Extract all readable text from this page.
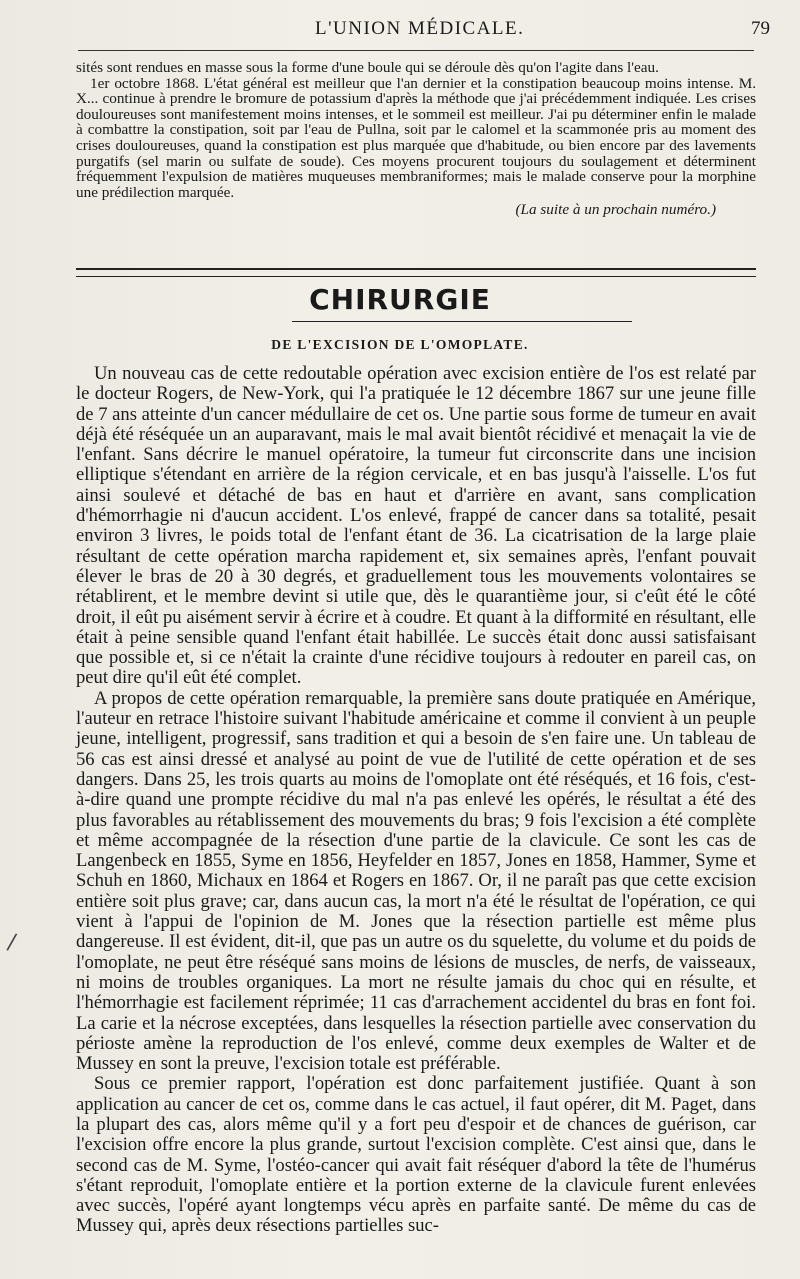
L'UNION MÉDICALE.	79

sités sont rendues en masse sous la forme d'une boule qui se déroule dès qu'on l'agite dans l'eau.

1er octobre 1868. L'état général est meilleur que l'an dernier et la constipation beaucoup moins intense. M. X... continue à prendre le bromure de potassium d'après la méthode que j'ai précédemment indiquée. Les crises douloureuses sont manifestement moins intenses, et le sommeil est meilleur. J'ai pu déterminer enfin le malade à combattre la constipation, soit par l'eau de Pullna, soit par le calomel et la scammonée pris au moment des crises douloureuses, quand la constipation est plus marquée que d'habitude, ou bien encore par des lavements purgatifs (sel marin ou sulfate de soude). Ces moyens procurent toujours du soulagement et déterminent fréquemment l'expulsion de matières muqueuses membraniformes; mais le malade conserve pour la morphine une prédilection marquée.

(La suite à un prochain numéro.)
CHIRURGIE
DE L'EXCISION DE L'OMOPLATE.

Un nouveau cas de cette redoutable opération avec excision entière de l'os est relaté par le docteur Rogers, de New-York, qui l'a pratiquée le 12 décembre 1867 sur une jeune fille de 7 ans atteinte d'un cancer médullaire de cet os. Une partie sous forme de tumeur en avait déjà été réséquée un an auparavant, mais le mal avait bientôt récidivé et menaçait la vie de l'enfant. Sans décrire le manuel opératoire, la tumeur fut circonscrite dans une incision elliptique s'étendant en arrière de la région cervicale, et en bas jusqu'à l'aisselle. L'os fut ainsi soulevé et détaché de bas en haut et d'arrière en avant, sans complication d'hémorrhagie ni d'aucun accident. L'os enlevé, frappé de cancer dans sa totalité, pesait environ 3 livres, le poids total de l'enfant étant de 36. La cicatrisation de la large plaie résultant de cette opération marcha rapidement et, six semaines après, l'enfant pouvait élever le bras de 20 à 30 degrés, et graduellement tous les mouvements volontaires se rétablirent, et le membre devint si utile que, dès le quarantième jour, si c'eût été le côté droit, il eût pu aisément servir à écrire et à coudre. Et quant à la difformité en résultant, elle était à peine sensible quand l'enfant était habillée. Le succès était donc aussi satisfaisant que possible et, si ce n'était la crainte d'une récidive toujours à redouter en pareil cas, on peut dire qu'il eût été complet.

A propos de cette opération remarquable, la première sans doute pratiquée en Amérique, l'auteur en retrace l'histoire suivant l'habitude américaine et comme il convient à un peuple jeune, intelligent, progressif, sans tradition et qui a besoin de s'en faire une. Un tableau de 56 cas est ainsi dressé et analysé au point de vue de l'utilité de cette opération et de ses dangers. Dans 25, les trois quarts au moins de l'omoplate ont été réséqués, et 16 fois, c'est-à-dire quand une prompte récidive du mal n'a pas enlevé les opérés, le résultat a été des plus favorables au rétablissement des mouvements du bras; 9 fois l'excision a été complète et même accompagnée de la résection d'une partie de la clavicule. Ce sont les cas de Langenbeck en 1855, Syme en 1856, Heyfelder en 1857, Jones en 1858, Hammer, Syme et Schuh en 1860, Michaux en 1864 et Rogers en 1867. Or, il ne paraît pas que cette excision entière soit plus grave; car, dans aucun cas, la mort n'a été le résultat de l'opération, ce qui vient à l'appui de l'opinion de M. Jones que la résection partielle est même plus dangereuse. Il est évident, dit-il, que pas un autre os du squelette, du volume et du poids de l'omoplate, ne peut être réséqué sans moins de lésions de muscles, de nerfs, de vaisseaux, ni moins de troubles organiques. La mort ne résulte jamais du choc qui en résulte, et l'hémorrhagie est facilement réprimée; 11 cas d'arrachement accidentel du bras en font foi. La carie et la nécrose exceptées, dans lesquelles la résection partielle avec conservation du périoste amène la reproduction de l'os enlevé, comme deux exemples de Walter et de Mussey en sont la preuve, l'excision totale est préférable.

Sous ce premier rapport, l'opération est donc parfaitement justifiée. Quant à son application au cancer de cet os, comme dans le cas actuel, il faut opérer, dit M. Paget, dans la plupart des cas, alors même qu'il y a fort peu d'espoir et de chances de guérison, car l'excision offre encore la plus grande, surtout l'excision complète. C'est ainsi que, dans le second cas de M. Syme, l'ostéo-cancer qui avait fait réséquer d'abord la tête de l'humérus s'étant reproduit, l'omoplate entière et la portion externe de la clavicule furent enlevées avec succès, l'opéré ayant longtemps vécu après en parfaite santé. De même du cas de Mussey qui, après deux résections partielles suc-

/
